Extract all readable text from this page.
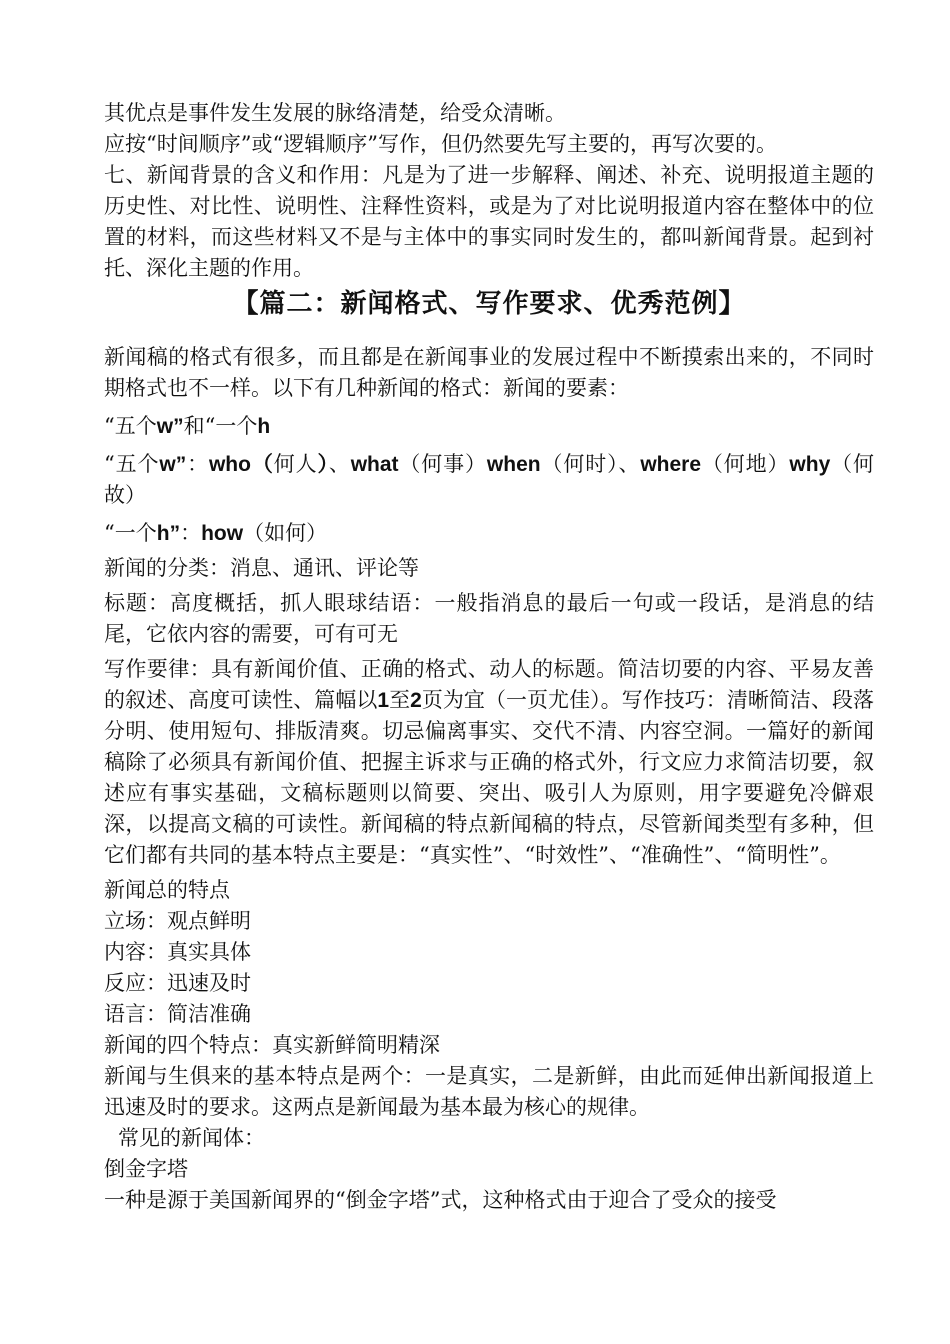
其优点是事件发生发展的脉络清楚，给受众清晰。

应按“时间顺序”或“逻辑顺序”写作，但仍然要先写主要的，再写次要的。

七、新闻背景的含义和作用：凡是为了进一步解释、阐述、补充、说明报道主题的历史性、对比性、说明性、注释性资料，或是为了对比说明报道内容在整体中的位置的材料，而这些材料又不是与主体中的事实同时发生的，都叫新闻背景。起到衬托、深化主题的作用。

【篇二：新闻格式、写作要求、优秀范例】

新闻稿的格式有很多，而且都是在新闻事业的发展过程中不断摸索出来的，不同时期格式也不一样。以下有几种新闻的格式：新闻的要素：

“五个w”和“一个h

“五个w”：who（何人）、what（何事）when（何时）、where（何地）why（何故）

“一个h”：how（如何）

新闻的分类：消息、通讯、评论等

标题：高度概括，抓人眼球结语：一般指消息的最后一句或一段话，是消息的结尾，它依内容的需要，可有可无

写作要律：具有新闻价值、正确的格式、动人的标题。简洁切要的内容、平易友善的叙述、高度可读性、篇幅以1至2页为宜（一页尤佳）。写作技巧：清晰简洁、段落分明、使用短句、排版清爽。切忌偏离事实、交代不清、内容空洞。一篇好的新闻稿除了必须具有新闻价值、把握主诉求与正确的格式外，行文应力求简洁切要，叙述应有事实基础，文稿标题则以简要、突出、吸引人为原则，用字要避免冷僻艰深，以提高文稿的可读性。新闻稿的特点新闻稿的特点，尽管新闻类型有多种，但它们都有共同的基本特点主要是：“真实性”、“时效性”、“准确性”、“简明性”。

新闻总的特点

立场：观点鲜明

内容：真实具体

反应：迅速及时

语言：简洁准确

新闻的四个特点：真实新鲜简明精深

新闻与生俱来的基本特点是两个：一是真实，二是新鲜，由此而延伸出新闻报道上迅速及时的要求。这两点是新闻最为基本最为核心的规律。

常见的新闻体：

倒金字塔

一种是源于美国新闻界的“倒金字塔”式，这种格式由于迎合了受众的接受
